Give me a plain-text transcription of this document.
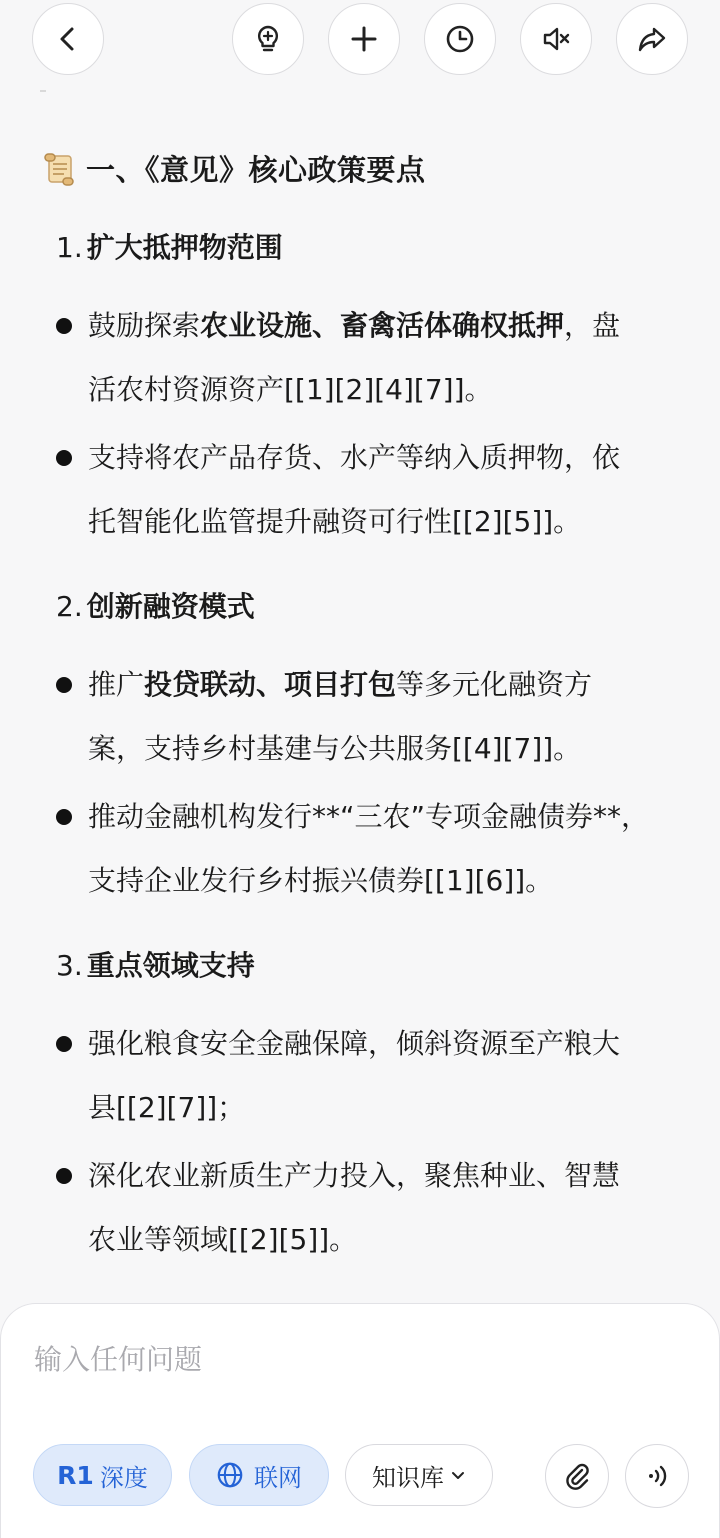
一、《意见》核心政策要点
1. 扩大抵押物范围
鼓励探索农业设施、畜禽活体确权抵押，盘
活农村资源资产[[1][2][4][7]]。
支持将农产品存货、水产等纳入质押物，依
托智能化监管提升融资可行性[[2][5]]。
2. 创新融资模式
推广投贷联动、项目打包等多元化融资方
案，支持乡村基建与公共服务[[4][7]]。
推动金融机构发行**“三农”专项金融债券**，
支持企业发行乡村振兴债券[[1][6]]。
3. 重点领域支持
强化粮食安全金融保障，倾斜资源至产粮大
县[[2][7]]；
深化农业新质生产力投入，聚焦种业、智慧
农业等领域[[2][5]]。
输入任何问题
R1 深度	联网	知识库
